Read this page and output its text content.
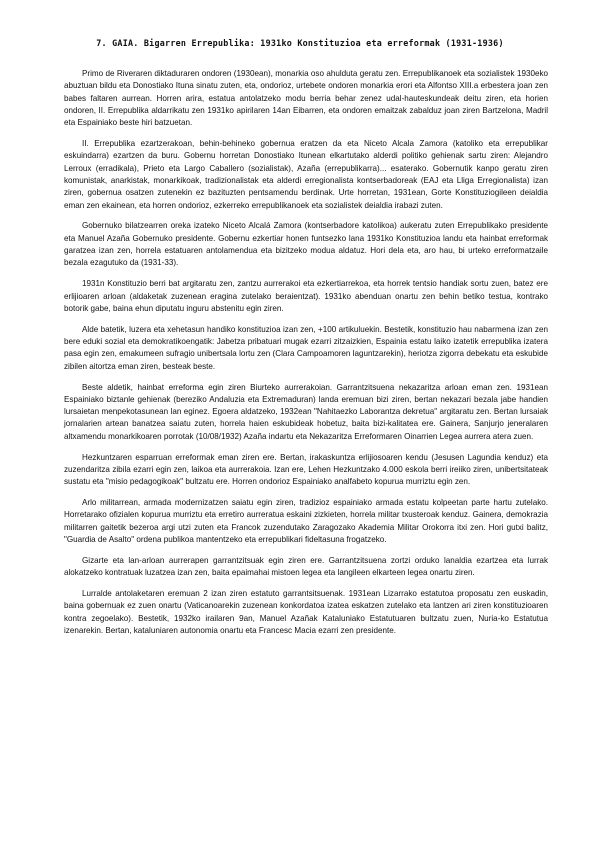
7. GAIA. Bigarren Errepublika: 1931ko Konstituzioa eta erreformak (1931-1936)

Primo de Riveraren diktaduraren ondoren (1930ean), monarkia oso ahulduta geratu zen. Errepublikanoek eta sozialistek 1930eko abuztuan bildu eta Donostiako Ituna sinatu zuten, eta, ondorioz, urtebete ondoren monarkia erori eta Alfontso XIII.a erbestera joan zen babes faltaren aurrean. Horren arira, estatua antolatzeko modu berria behar zenez udal-hauteskundeak deitu ziren, eta horien ondoren, II. Errepublika aldarrikatu zen 1931ko apirilaren 14an Eibarren, eta ondoren emaitzak zabalduz joan ziren Bartzelona, Madril eta Espainiako beste hiri batzuetan.

II. Errepublika ezartzerakoan, behin-behineko gobernua eratzen da eta Niceto Alcala Zamora (katoliko eta errepublikar eskuindarra) ezartzen da buru. Gobernu horretan Donostiako Itunean elkartutako alderdi politiko gehienak sartu ziren: Alejandro Lerroux (erradikala), Prieto eta Largo Caballero (sozialistak), Azaña (errepublikarra)... esaterako. Gobernutik kanpo geratu ziren komunistak, anarkistak, monarkikoak, tradizionalistak eta alderdi erregionalista kontserbadoreak (EAJ eta Lliga Erregionalista) izan ziren, gobernua osatzen zutenekin ez bazituzten pentsamendu berdinak. Urte horretan, 1931ean, Gorte Konstituziogileen deialdia eman zen ekainean, eta horren ondorioz, ezkerreko errepublikanoek eta sozialistek deialdia irabazi zuten.

Gobernuko bilatzearren oreka izateko Niceto Alcalá Zamora (kontserbadore katolikoa) aukeratu zuten Errepublikako presidente eta Manuel Azaña Gobernuko presidente. Gobernu ezkertiar honen funtsezko lana 1931ko Konstituzioa landu eta hainbat erreformak garatzea izan zen, horrela estatuaren antolamendua eta bizitzeko modua aldatuz. Hori dela eta, aro hau, bi urteko erreformatzaile bezala ezagutuko da (1931-33).

1931n Konstituzio berri bat argitaratu zen, zantzu aurrerakoi eta ezkertiarrekoa, eta horrek tentsio handiak sortu zuen, batez ere erlijioaren arloan (aldaketak zuzenean eragina zutelako beraientzat). 1931ko abenduan onartu zen behin betiko testua, kontrako botorik gabe, baina ehun diputatu inguru abstenitu egin ziren.

Alde batetik, luzera eta xehetasun handiko konstituzioa izan zen, +100 artikuluekin. Bestetik, konstituzio hau nabarmena izan zen bere eduki sozial eta demokratikoengatik: Jabetza pribatuari mugak ezarri zitzaizkien, Espainia estatu laiko izatetik errepublika izatera pasa egin zen, emakumeen sufragio unibertsala lortu zen (Clara Campoamoren laguntzarekin), heriotza zigorra debekatu eta eskubide zibilen aitortza eman ziren, besteak beste.

Beste aldetik, hainbat erreforma egin ziren Biurteko aurrerakoian. Garrantzitsuena nekazaritza arloan eman zen. 1931ean Espainiako biztanle gehienak (bereziko Andaluzia eta Extremaduran) landa eremuan bizi ziren, bertan nekazari bezala jabe handien lursaietan menpekotasunean lan eginez. Egoera aldatzeko, 1932ean "Nahitaezko Laborantza dekretua" argitaratu zen. Bertan lursaiak jornalarien artean banatzea saiatu zuten, horrela haien eskubideak hobetuz, baita bizi-kalitatea ere. Gainera, Sanjurjo jeneralaren altxamendu monarkikoaren porrotak (10/08/1932) Azaña indartu eta Nekazaritza Erreformaren Oinarrien Legea aurrera atera zuen.

Hezkuntzaren esparruan erreformak eman ziren ere. Bertan, irakaskuntza erlijiosoaren kendu (Jesusen Lagundia kenduz) eta zuzendaritza zibila ezarri egin zen, laikoa eta aurrerakoia. Izan ere, Lehen Hezkuntzako 4.000 eskola berri ireiiko ziren, unibertsitateak sustatu eta "misio pedagogikoak" bultzatu ere. Horren ondorioz Espainiako analfabeto kopurua murriztu egin zen.

Arlo militarrean, armada modernizatzen saiatu egin ziren, tradizioz espainiako armada estatu kolpeetan parte hartu zutelako. Horretarako ofizialen kopurua murriztu eta erretiro aurreratua eskaini zizkieten, horrela militar txusteroak kenduz. Gainera, demokrazia militarren gaitetik bezeroa argi utzi zuten eta Francok zuzendutako Zaragozako Akademia Militar Orokorra itxi zen. Hori gutxi balitz, "Guardia de Asalto" ordena publikoa mantentzeko eta errepublikari fideltasuna frogatzeko.

Gizarte eta lan-arloan aurrerapen garrantzitsuak egin ziren ere. Garrantzitsuena zortzi orduko lanaldia ezartzea eta lurrak alokatzeko kontratuak luzatzea izan zen, baita epaimahai mistoen legea eta langileen elkarteen legea onartu ziren.

Lurralde antolaketaren eremuan 2 izan ziren estatuto garrantsitsuenak. 1931ean Lizarrako estatutoa proposatu zen euskadin, baina gobernuak ez zuen onartu (Vaticanoarekin zuzenean konkordatoa izatea eskatzen zutelako eta lantzen ari ziren konstituzioaren kontra zegoelako). Bestetik, 1932ko irailaren 9an, Manuel Azañak Kataluniako Estatutuaren bultzatu zuen, Nuria-ko Estatutua izenarekin. Bertan, kataluniaren autonomia onartu eta Francesc Macia ezarri zen presidente.
